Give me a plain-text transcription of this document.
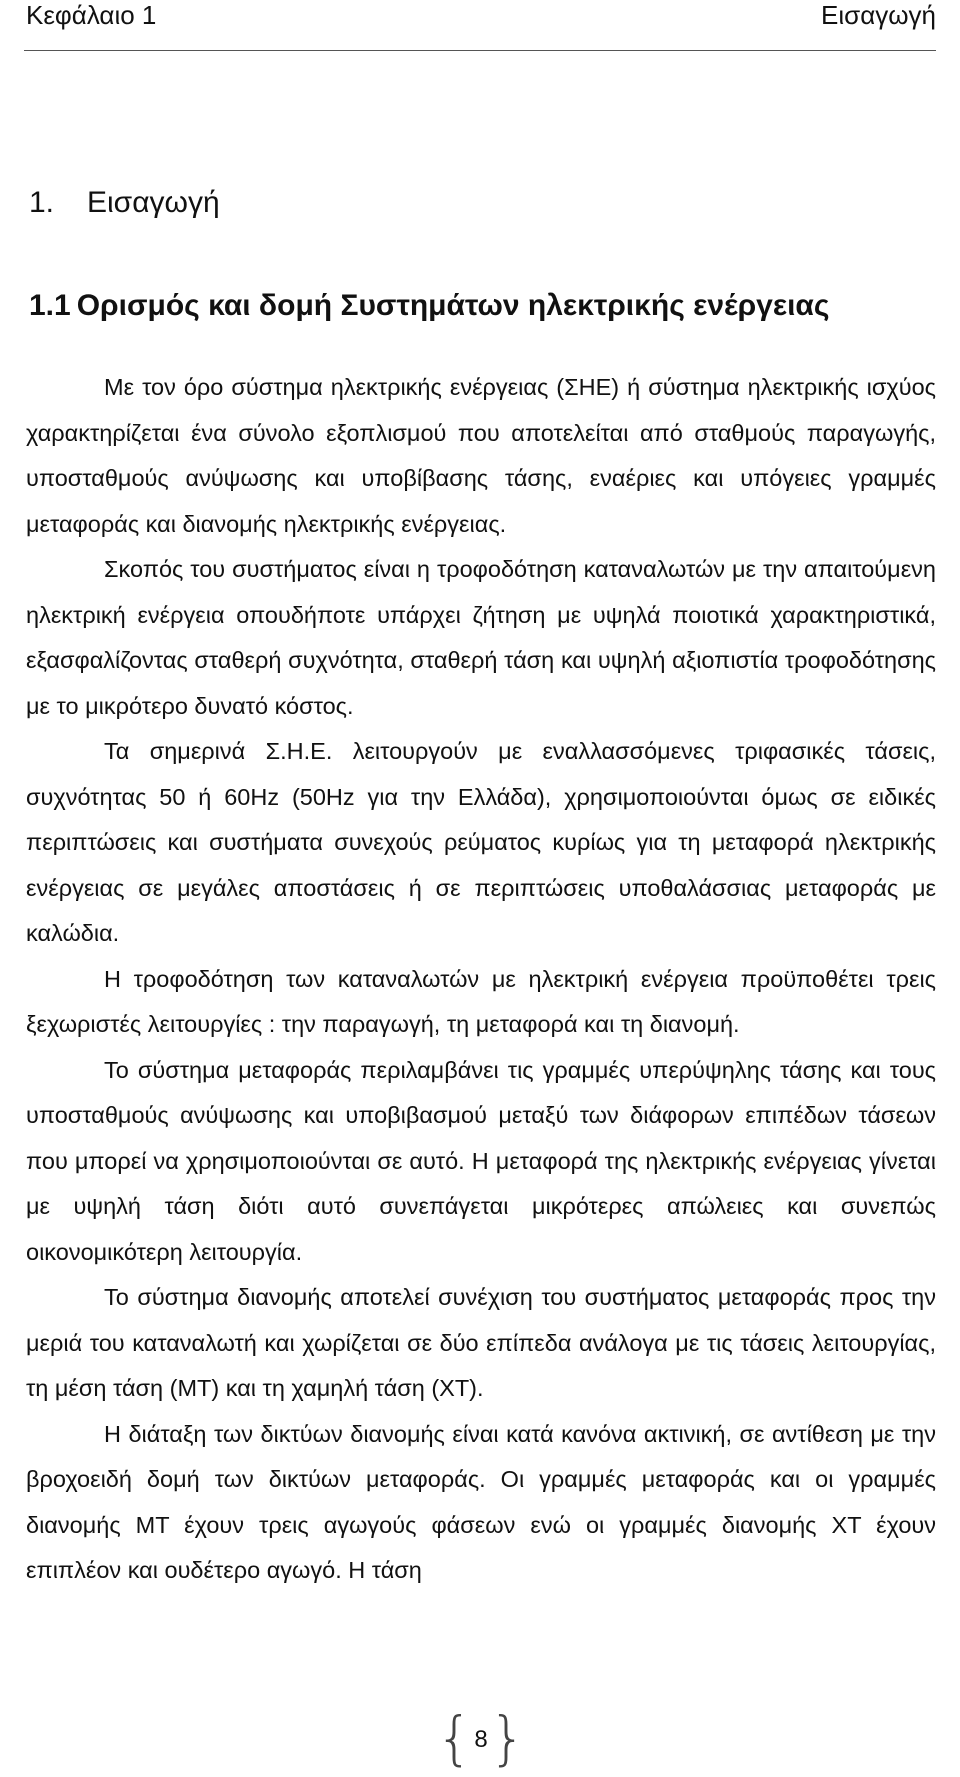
Κεφάλαιο 1	Εισαγωγή
1. Εισαγωγή
1.1 Ορισμός και δομή Συστημάτων ηλεκτρικής ενέργειας

Με τον όρο σύστημα ηλεκτρικής ενέργειας (ΣΗΕ) ή σύστημα ηλεκτρικής ισχύος χαρακτηρίζεται ένα σύνολο εξοπλισμού που αποτελείται από σταθμούς παραγωγής, υποσταθμούς ανύψωσης και υποβίβασης τάσης, εναέριες και υπόγειες γραμμές μεταφοράς και διανομής ηλεκτρικής ενέργειας.

Σκοπός του συστήματος είναι η τροφοδότηση καταναλωτών με την απαιτούμενη ηλεκτρική ενέργεια οπουδήποτε υπάρχει ζήτηση με υψηλά ποιοτικά χαρακτηριστικά, εξασφαλίζοντας σταθερή συχνότητα, σταθερή τάση και υψηλή αξιοπιστία τροφοδότησης με το μικρότερο δυνατό κόστος.

Τα σημερινά Σ.Η.Ε. λειτουργούν με εναλλασσόμενες τριφασικές τάσεις, συχνότητας 50 ή 60Hz (50Hz για την Ελλάδα), χρησιμοποιούνται όμως σε ειδικές περιπτώσεις και συστήματα συνεχούς ρεύματος κυρίως για τη μεταφορά ηλεκτρικής ενέργειας σε μεγάλες αποστάσεις ή σε περιπτώσεις υποθαλάσσιας μεταφοράς με καλώδια.

Η τροφοδότηση των καταναλωτών με ηλεκτρική ενέργεια προϋποθέτει τρεις ξεχωριστές λειτουργίες : την παραγωγή, τη μεταφορά και τη διανομή.

Το σύστημα μεταφοράς περιλαμβάνει τις γραμμές υπερύψηλης τάσης και τους υποσταθμούς ανύψωσης και υποβιβασμού μεταξύ των διάφορων επιπέδων τάσεων που μπορεί να χρησιμοποιούνται σε αυτό. Η μεταφορά της ηλεκτρικής ενέργειας γίνεται με υψηλή τάση διότι αυτό συνεπάγεται μικρότερες απώλειες και συνεπώς οικονομικότερη λειτουργία.

Το σύστημα διανομής αποτελεί συνέχιση του συστήματος μεταφοράς προς την μεριά του καταναλωτή και χωρίζεται σε δύο επίπεδα ανάλογα με τις τάσεις λειτουργίας, τη μέση τάση (ΜΤ) και τη χαμηλή τάση (ΧΤ).

Η διάταξη των δικτύων διανομής είναι κατά κανόνα ακτινική, σε αντίθεση με την βροχοειδή δομή των δικτύων μεταφοράς. Οι γραμμές μεταφοράς και οι γραμμές διανομής ΜΤ έχουν τρεις αγωγούς φάσεων ενώ οι γραμμές διανομής ΧΤ έχουν επιπλέον και ουδέτερο αγωγό. Η τάση

{ 8 }
